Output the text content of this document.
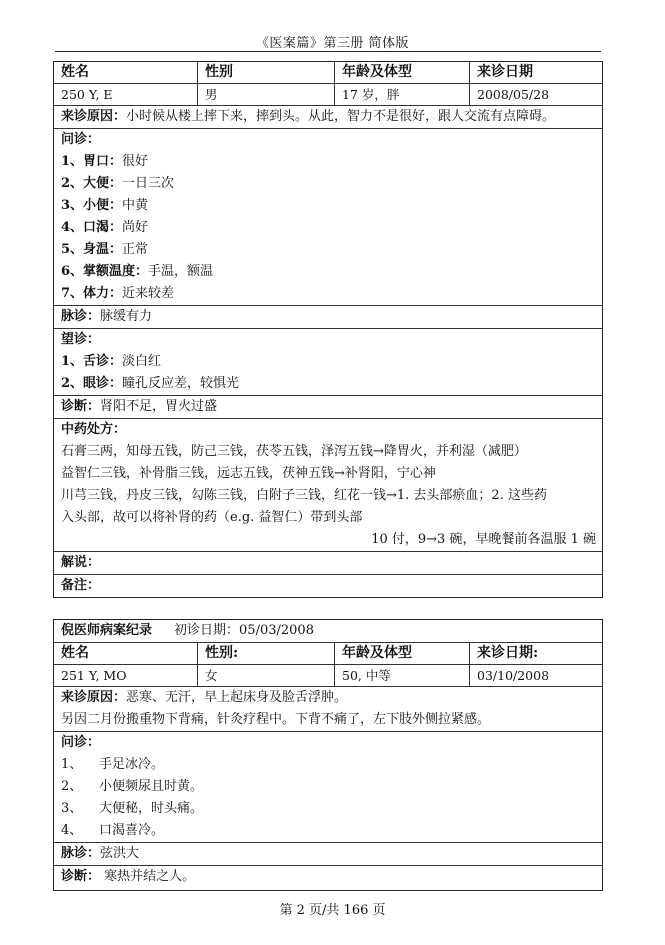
《医案篇》第三册 简体版
姓名	性别	年龄及体型	来诊日期
250 Y, E	男	17 岁，胖	2008/05/28
来诊原因：小时候从楼上摔下来，摔到头。从此，智力不是很好，跟人交流有点障碍。
问诊：
1、胃口：很好
2、大便：一日三次
3、小便：中黄
4、口渴：尚好
5、身温：正常
6、掌额温度：手温，额温
7、体力：近来较差
脉诊：脉缓有力
望诊：
1、舌诊：淡白红
2、眼诊：瞳孔反应差，较惧光
诊断：肾阳不足，胃火过盛
中药处方：
石膏三两，知母五钱，防己三钱，茯苓五钱，泽泻五钱→降胃火，并利湿（减肥）
益智仁三钱，补骨脂三钱，远志五钱，茯神五钱→补肾阳，宁心神
川芎三钱，丹皮三钱，勾陈三钱，白附子三钱，红花一钱→1. 去头部瘀血；2. 这些药
入头部，故可以将补肾的药（e.g. 益智仁）带到头部
10 付，9→3 碗，早晚餐前各温服 1 碗
解说：
备注：
倪医师病案纪录 初诊日期：05/03/2008
姓名	性别:	年龄及体型	来诊日期:
251 Y, MO	女	50, 中等	03/10/2008
来诊原因：恶寒、无汗，早上起床身及脸舌浮肿。
另因二月份搬重物下背痛，针灸疗程中。下背不痛了，左下肢外侧拉紧感。
问诊：
1、 手足冰冷。
2、 小便频尿且时黄。
3、 大便秘，时头痛。
4、 口渴喜冷。
脉诊：弦洪大
诊断： 寒热并结之人。
第 2 页/共 166 页
